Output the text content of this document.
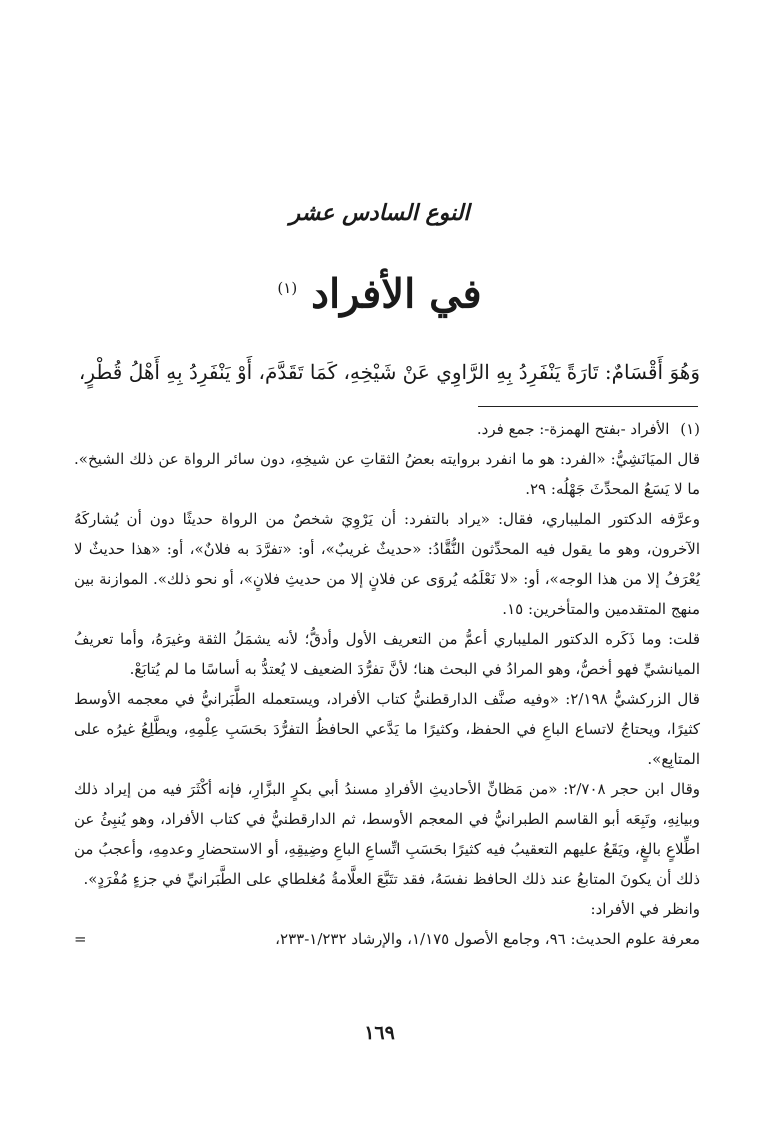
النوع السادس عشر
في الأفراد $^{(١)}$
وَهُوَ أَقْسَامٌ: تَارَةً يَنْفَرِدُ بِهِ الرَّاوِي عَنْ شَيْخِهِ، كَمَا تَقَدَّمَ، أَوْ يَنْفَرِدُ بِهِ أَهْلُ قُطْرٍ،

(١) الأفراد -بفتح الهمزة-: جمع فرد.

قال الميَانَشِيُّ: «الفرد: هو ما انفرد بروايته بعضُ الثقاتِ عن شيخِهِ، دون سائر الرواة عن ذلك الشيخ». ما لا يَسَعُ المحدِّثَ جَهْلُه: ٢٩.

وعرَّفه الدكتور المليباري، فقال: «يراد بالتفرد: أن يَرْوِيَ شخصٌ من الرواة حديثًا دون أن يُشاركَهُ الآخرون، وهو ما يقول فيه المحدِّثون النُّقَّادُ: «حديثٌ غريبٌ»، أو: «تفرَّدَ به فلانٌ»، أو: «هذا حديثٌ لا يُعْرَفُ إلا من هذا الوجه»، أو: «لا نَعْلَمُه يُروَى عن فلانٍ إلا من حديثِ فلانٍ»، أو نحو ذلك». الموازنة بين منهج المتقدمين والمتأخرين: ١٥.

قلت: وما ذَكَره الدكتور المليباري أعمُّ من التعريف الأول وأدقُّ؛ لأنه يشمَلُ الثقة وغيرَهُ، وأما تعريفُ الميانشيِّ فهو أخصُّ، وهو المرادُ في البحث هنا؛ لأنَّ تفرُّدَ الضعيف لا يُعتدُّ به أساسًا ما لم يُتابَعْ.

قال الزركشيُّ ٢/١٩٨: «وفيه صنَّف الدارقطنيُّ كتاب الأفراد، ويستعمله الطَّبَرانيُّ في معجمه الأوسط كثيرًا، ويحتاجُ لاتساع الباعِ في الحفظ، وكثيرًا ما يَدَّعي الحافظُ التفرُّدَ بحَسَبِ عِلْمِهِ، ويطَّلِعُ غيرُه على المتابِع».

وقال ابن حجر ٢/٧٠٨: «من مَظانِّ الأحاديثِ الأفرادِ مسندُ أبي بكرٍ البزَّارِ، فإنه أكْثَرَ فيه من إيراد ذلك وبيانِهِ، وتَبِعَه أبو القاسم الطبرانيُّ في المعجم الأوسط، ثم الدارقطنيُّ في كتاب الأفراد، وهو يُنبِئُ عن اطِّلاعٍ بالغٍ، ويَقَعُ عليهم التعقيبُ فيه كثيرًا بحَسَبِ اتِّساعِ الباعِ وضِيقِهِ، أو الاستحضارِ وعدمِهِ، وأعجبُ من ذلك أن يكونَ المتابعُ عند ذلك الحافظ نفسَهُ، فقد تتَبَّعَ العلَّامةُ مُغلطاي على الطَّبَرانيِّ في جزءٍ مُفْرَدٍ».

وانظر في الأفراد:

معرفة علوم الحديث: ٩٦، وجامع الأصول ١/١٧٥، والإرشاد ١/٢٣٢-٢٣٣،
=
١٦٩
